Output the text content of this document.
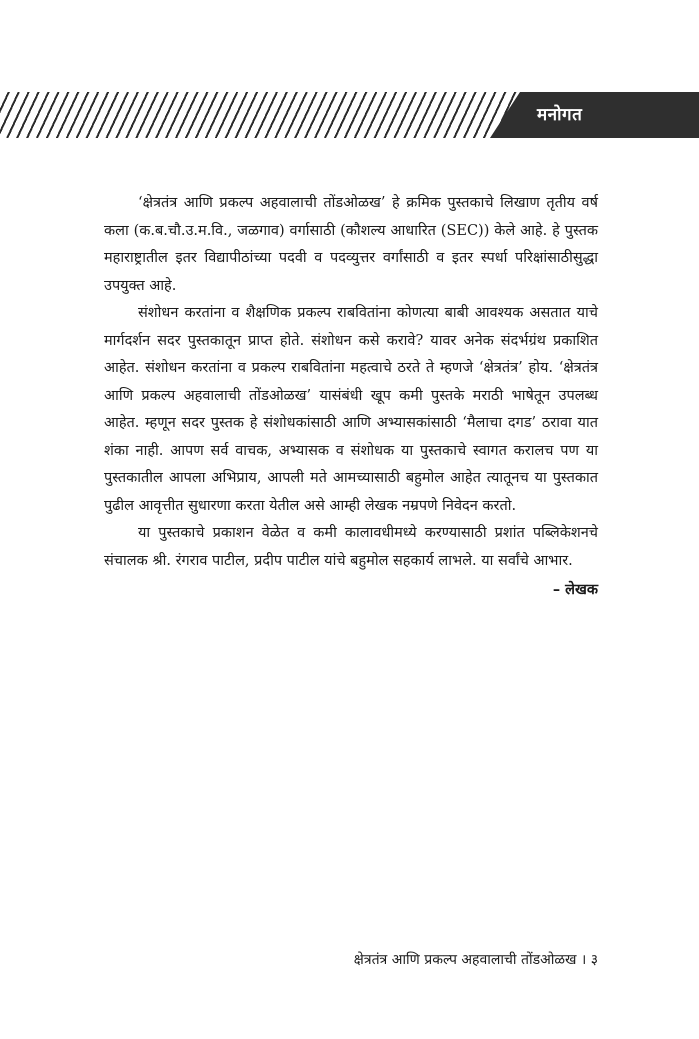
मनोगत

‘क्षेत्रतंत्र आणि प्रकल्प अहवालाची तोंडओळख’ हे क्रमिक पुस्तकाचे लिखाण तृतीय वर्ष कला (क.ब.चौ.उ.म.वि., जळगाव) वर्गासाठी (कौशल्य आधारित (SEC)) केले आहे. हे पुस्तक महाराष्ट्रातील इतर विद्यापीठांच्या पदवी व पदव्युत्तर वर्गांसाठी व इतर स्पर्धा परिक्षांसाठीसुद्धा उपयुक्त आहे.

संशोधन करतांना व शैक्षणिक प्रकल्प राबवितांना कोणत्या बाबी आवश्यक असतात याचे मार्गदर्शन सदर पुस्तकातून प्राप्त होते. संशोधन कसे करावे? यावर अनेक संदर्भग्रंथ प्रकाशित आहेत. संशोधन करतांना व प्रकल्प राबवितांना महत्वाचे ठरते ते म्हणजे ‘क्षेत्रतंत्र’ होय. ‘क्षेत्रतंत्र आणि प्रकल्प अहवालाची तोंडओळख’ यासंबंधी खूप कमी पुस्तके मराठी भाषेतून उपलब्ध आहेत. म्हणून सदर पुस्तक हे संशोधकांसाठी आणि अभ्यासकांसाठी ‘मैलाचा दगड’ ठरावा यात शंका नाही. आपण सर्व वाचक, अभ्यासक व संशोधक या पुस्तकाचे स्वागत करालच पण या पुस्तकातील आपला अभिप्राय, आपली मते आमच्यासाठी बहुमोल आहेत त्यातूनच या पुस्तकात पुढील आवृत्तीत सुधारणा करता येतील असे आम्ही लेखक नम्रपणे निवेदन करतो.

या पुस्तकाचे प्रकाशन वेळेत व कमी कालावधीमध्ये करण्यासाठी प्रशांत पब्लिकेशनचे संचालक श्री. रंगराव पाटील, प्रदीप पाटील यांचे बहुमोल सहकार्य लाभले. या सर्वांचे आभार.

– लेखक

क्षेत्रतंत्र आणि प्रकल्प अहवालाची तोंडओळख । ३
